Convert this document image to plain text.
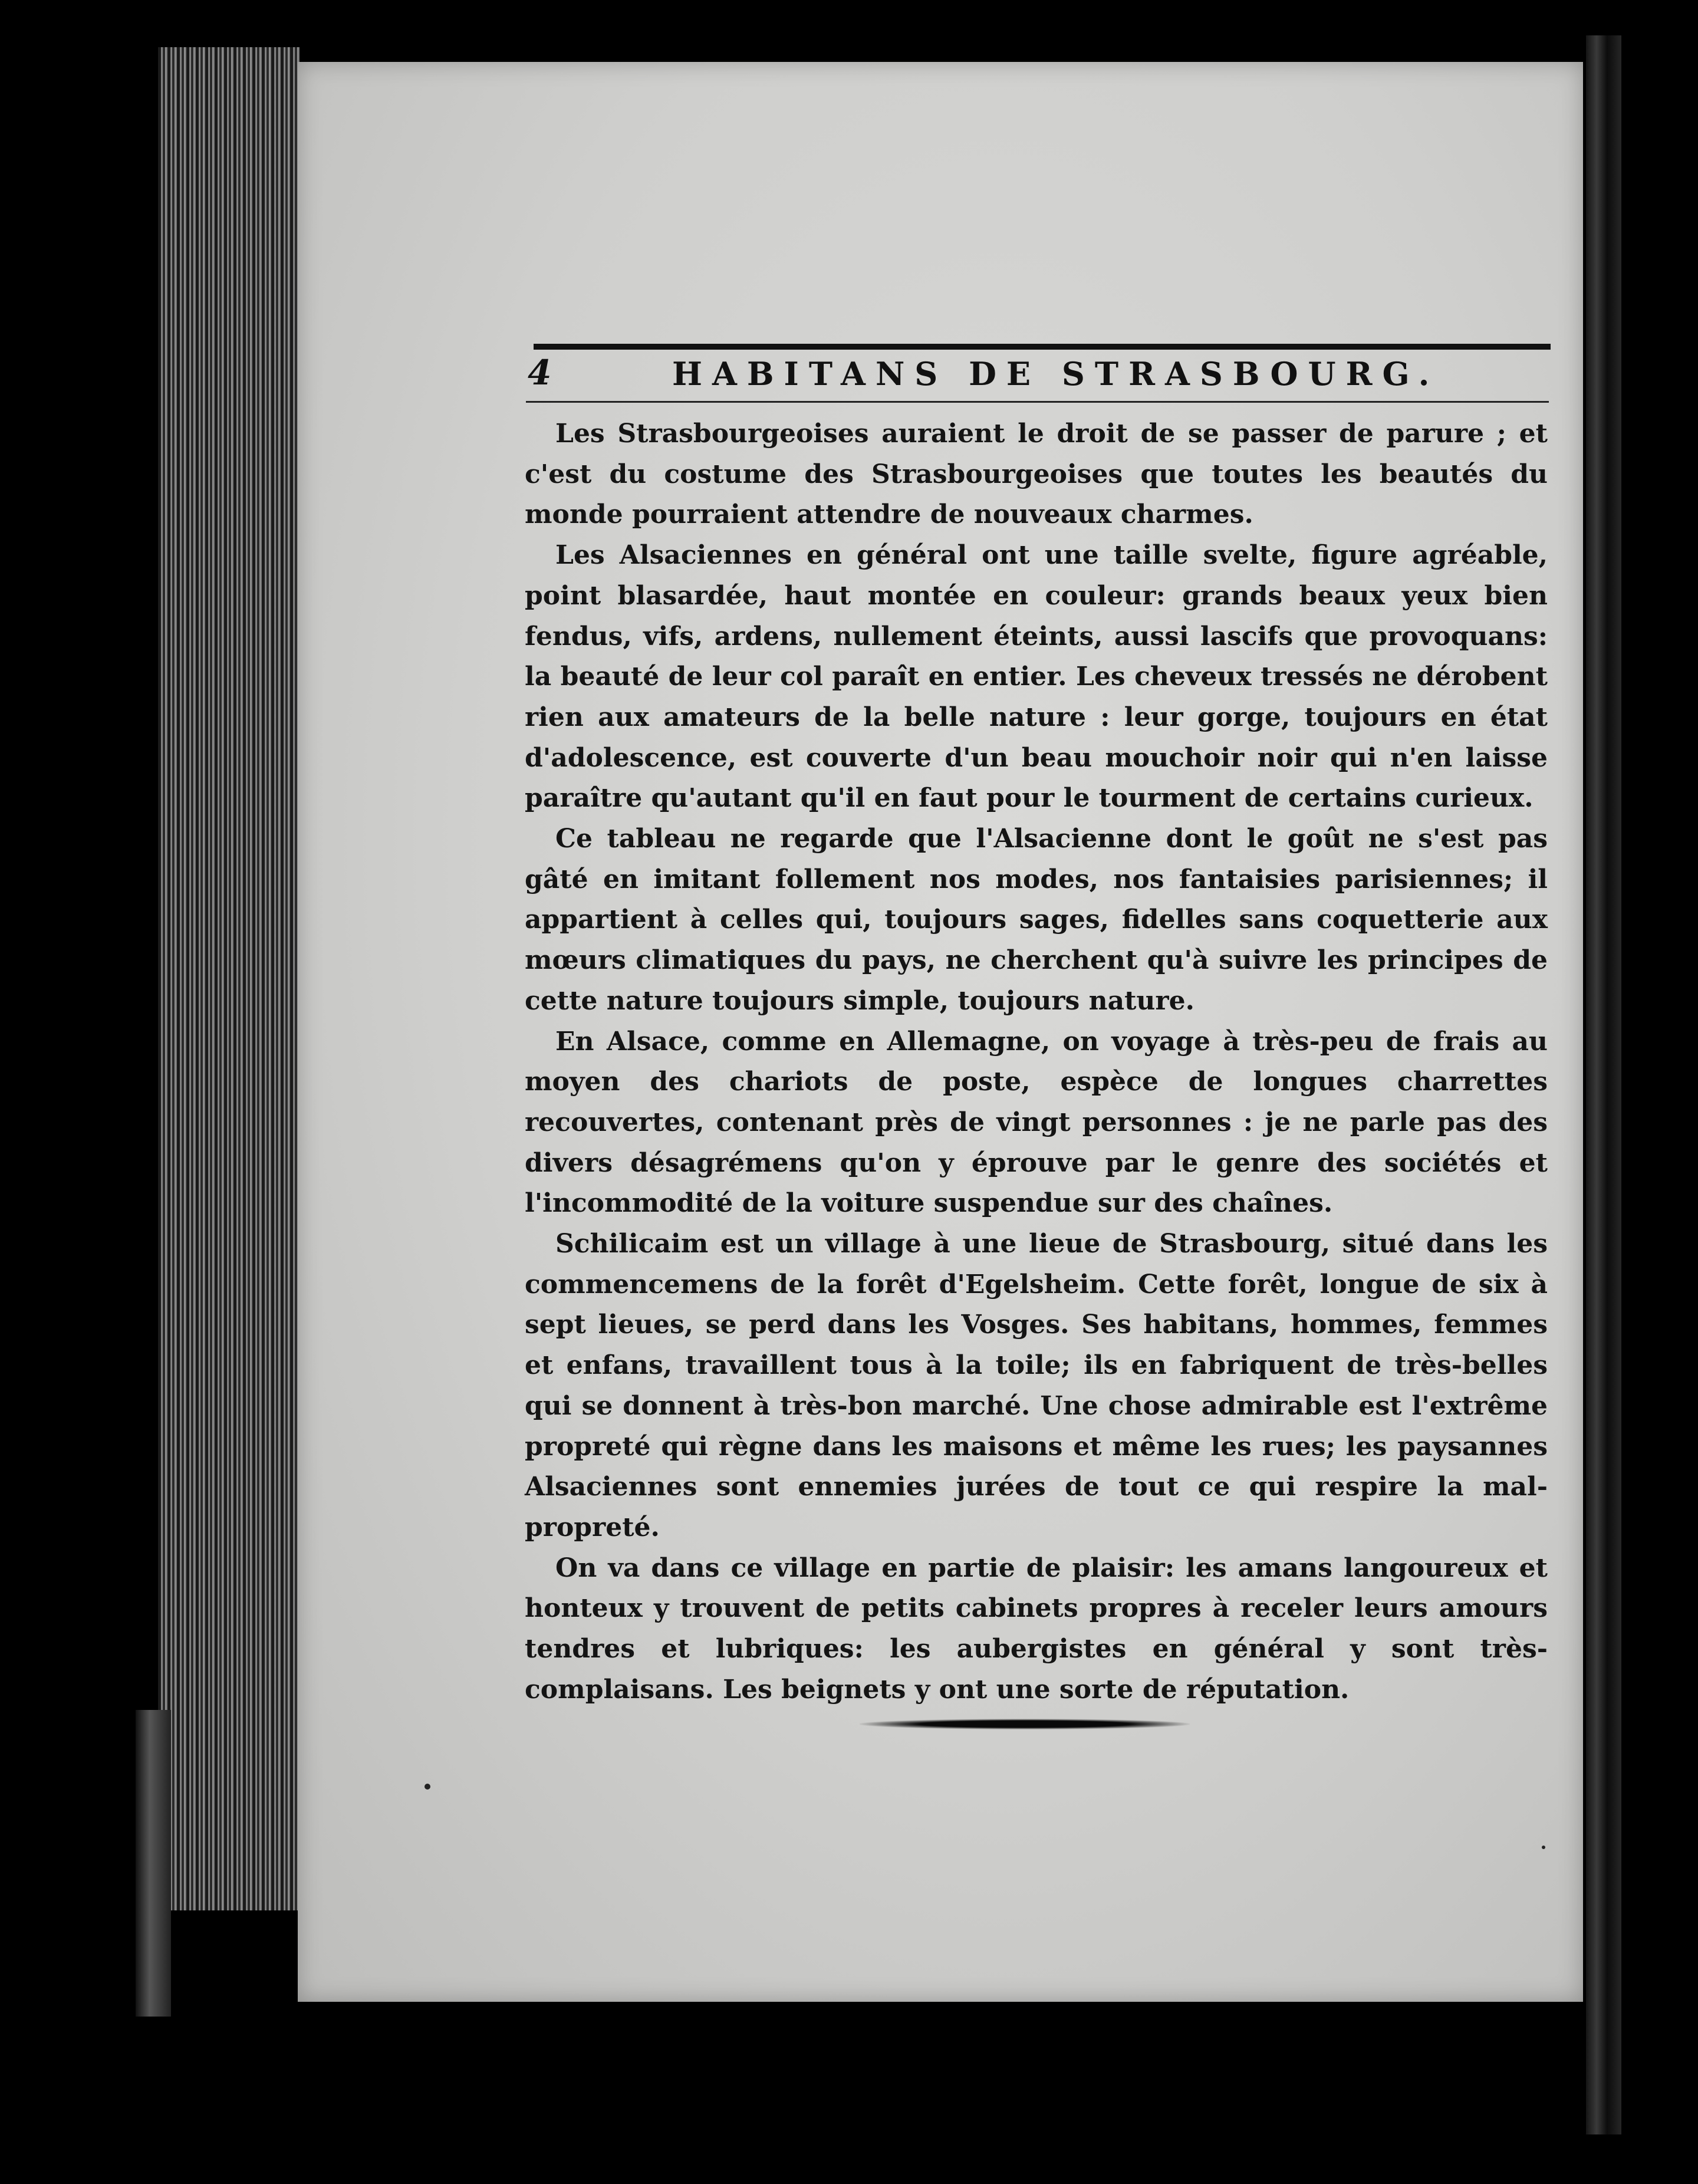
4	HABITANS DE STRASBOURG.

Les Strasbourgeoises auraient le droit de se passer de parure ; et c'est du costume des Strasbourgeoises que toutes les beautés du monde pourraient attendre de nouveaux charmes.

Les Alsaciennes en général ont une taille svelte, figure agréable, point blasardée, haut montée en couleur: grands beaux yeux bien fendus, vifs, ardens, nullement éteints, aussi lascifs que provoquans: la beauté de leur col paraît en entier. Les cheveux tressés ne dérobent rien aux amateurs de la belle nature : leur gorge, toujours en état d'adolescence, est couverte d'un beau mouchoir noir qui n'en laisse paraître qu'autant qu'il en faut pour le tourment de certains curieux.

Ce tableau ne regarde que l'Alsacienne dont le goût ne s'est pas gâté en imitant follement nos modes, nos fantaisies parisiennes; il appartient à celles qui, toujours sages, fidelles sans coquetterie aux mœurs climatiques du pays, ne cherchent qu'à suivre les principes de cette nature toujours simple, toujours nature.

En Alsace, comme en Allemagne, on voyage à très-peu de frais au moyen des chariots de poste, espèce de longues charrettes recouvertes, contenant près de vingt personnes : je ne parle pas des divers désagrémens qu'on y éprouve par le genre des sociétés et l'incommodité de la voiture suspendue sur des chaînes.

Schilicaim est un village à une lieue de Strasbourg, situé dans les commencemens de la forêt d'Egelsheim. Cette forêt, longue de six à sept lieues, se perd dans les Vosges. Ses habitans, hommes, femmes et enfans, travaillent tous à la toile; ils en fabriquent de très-belles qui se donnent à très-bon marché. Une chose admirable est l'extrême propreté qui règne dans les maisons et même les rues; les paysannes Alsaciennes sont ennemies jurées de tout ce qui respire la mal-propreté.

On va dans ce village en partie de plaisir: les amans langoureux et honteux y trouvent de petits cabinets propres à receler leurs amours tendres et lubriques: les aubergistes en général y sont très-complaisans. Les beignets y ont une sorte de réputation.
